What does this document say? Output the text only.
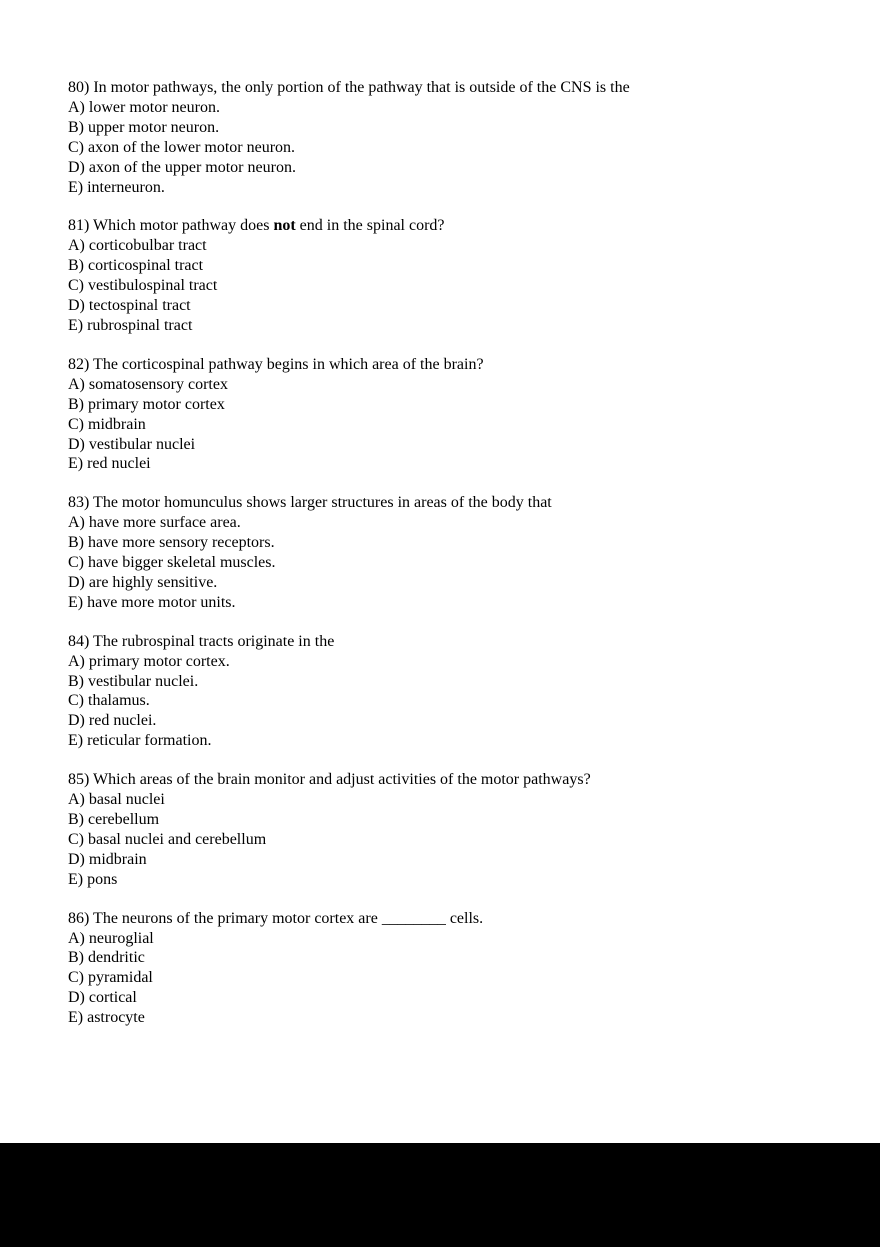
80) In motor pathways, the only portion of the pathway that is outside of the CNS is the
A) lower motor neuron.
B) upper motor neuron.
C) axon of the lower motor neuron.
D) axon of the upper motor neuron.
E) interneuron.
81) Which motor pathway does not end in the spinal cord?
A) corticobulbar tract
B) corticospinal tract
C) vestibulospinal tract
D) tectospinal tract
E) rubrospinal tract
82) The corticospinal pathway begins in which area of the brain?
A) somatosensory cortex
B) primary motor cortex
C) midbrain
D) vestibular nuclei
E) red nuclei
83) The motor homunculus shows larger structures in areas of the body that
A) have more surface area.
B) have more sensory receptors.
C) have bigger skeletal muscles.
D) are highly sensitive.
E) have more motor units.
84) The rubrospinal tracts originate in the
A) primary motor cortex.
B) vestibular nuclei.
C) thalamus.
D) red nuclei.
E) reticular formation.
85) Which areas of the brain monitor and adjust activities of the motor pathways?
A) basal nuclei
B) cerebellum
C) basal nuclei and cerebellum
D) midbrain
E) pons
86) The neurons of the primary motor cortex are ________ cells.
A) neuroglial
B) dendritic
C) pyramidal
D) cortical
E) astrocyte
